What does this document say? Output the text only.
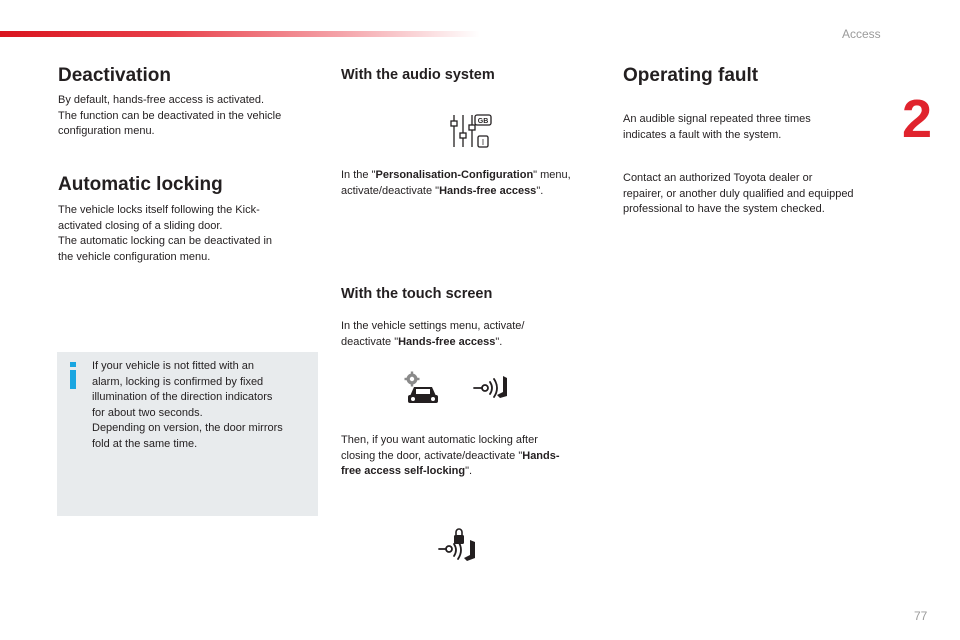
Access
2
77
Deactivation

By default, hands-free access is activated.

The function can be deactivated in the vehicle

configuration menu.

Automatic locking

The vehicle locks itself following the Kick-

activated closing of a sliding door.

The automatic locking can be deactivated in

the vehicle configuration menu.

If your vehicle is not fitted with an

alarm, locking is confirmed by fixed

illumination of the direction indicators

for about two seconds.

Depending on version, the door mirrors

fold at the same time.

With the audio system
GB
I

In the "Personalisation-Configuration" menu,

activate/deactivate "Hands-free access".

With the touch screen

In the vehicle settings menu, activate/

deactivate "Hands-free access".

Then, if you want automatic locking after

closing the door, activate/deactivate "Hands-

free access self-locking".

Operating fault

An audible signal repeated three times

indicates a fault with the system.

Contact an authorized Toyota dealer or

repairer, or another duly qualified and equipped

professional to have the system checked.
